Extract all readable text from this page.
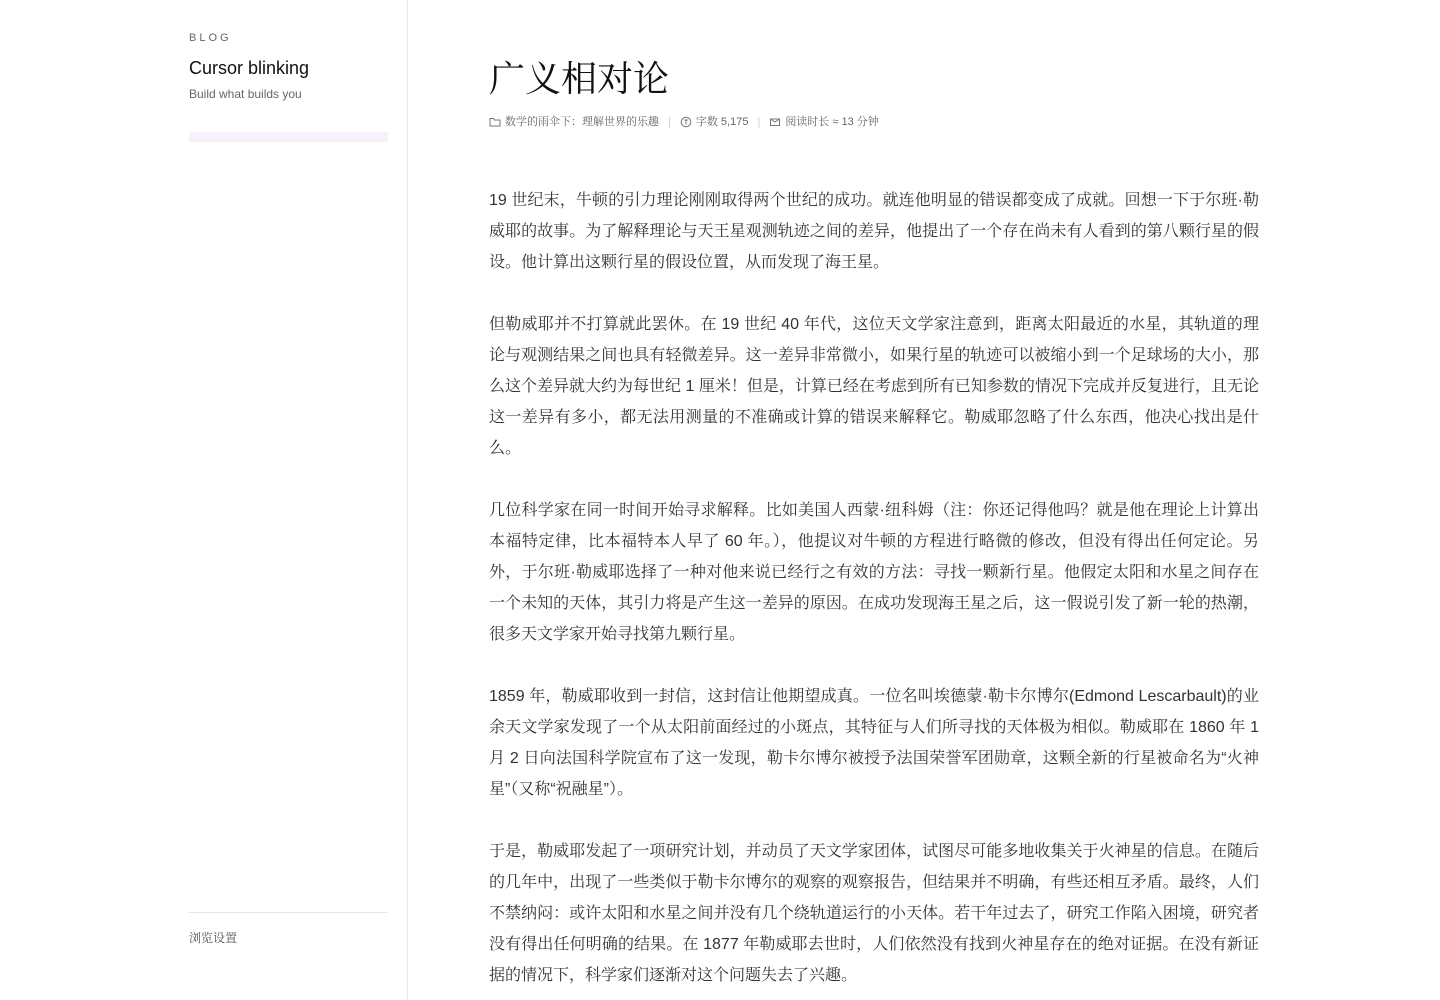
BLOG
Cursor blinking
Build what builds you
浏览设置
广义相对论
数学的雨伞下：理解世界的乐趣 | 字数 5,175 | 阅读时长 ≈ 13 分钟

19 世纪末，牛顿的引力理论刚刚取得两个世纪的成功。就连他明显的错误都变成了成就。回想一下于尔班·勒威耶的故事。为了解释理论与天王星观测轨迹之间的差异，他提出了一个存在尚未有人看到的第八颗行星的假设。他计算出这颗行星的假设位置，从而发现了海王星。

但勒威耶并不打算就此罢休。在 19 世纪 40 年代，这位天文学家注意到，距离太阳最近的水星，其轨道的理论与观测结果之间也具有轻微差异。这一差异非常微小，如果行星的轨迹可以被缩小到一个足球场的大小，那么这个差异就大约为每世纪 1 厘米！但是，计算已经在考虑到所有已知参数的情况下完成并反复进行，且无论这一差异有多小，都无法用测量的不准确或计算的错误来解释它。勒威耶忽略了什么东西，他决心找出是什么。

几位科学家在同一时间开始寻求解释。比如美国人西蒙·纽科姆（注：你还记得他吗？就是他在理论上计算出本福特定律，比本福特本人早了 60 年。），他提议对牛顿的方程进行略微的修改，但没有得出任何定论。另外，于尔班·勒威耶选择了一种对他来说已经行之有效的方法：寻找一颗新行星。他假定太阳和水星之间存在一个未知的天体，其引力将是产生这一差异的原因。在成功发现海王星之后，这一假说引发了新一轮的热潮，很多天文学家开始寻找第九颗行星。

1859 年，勒威耶收到一封信，这封信让他期望成真。一位名叫埃德蒙·勒卡尔博尔(Edmond Lescarbault)的业余天文学家发现了一个从太阳前面经过的小斑点，其特征与人们所寻找的天体极为相似。勒威耶在 1860 年 1 月 2 日向法国科学院宣布了这一发现，勒卡尔博尔被授予法国荣誉军团勋章，这颗全新的行星被命名为“火神星”（又称“祝融星”）。

于是，勒威耶发起了一项研究计划，并动员了天文学家团体，试图尽可能多地收集关于火神星的信息。在随后的几年中，出现了一些类似于勒卡尔博尔的观察的观察报告，但结果并不明确，有些还相互矛盾。最终，人们不禁纳闷：或许太阳和水星之间并没有几个绕轨道运行的小天体。若干年过去了，研究工作陷入困境，研究者没有得出任何明确的结果。在 1877 年勒威耶去世时，人们依然没有找到火神星存在的绝对证据。在没有新证据的情况下，科学家们逐渐对这个问题失去了兴趣。
